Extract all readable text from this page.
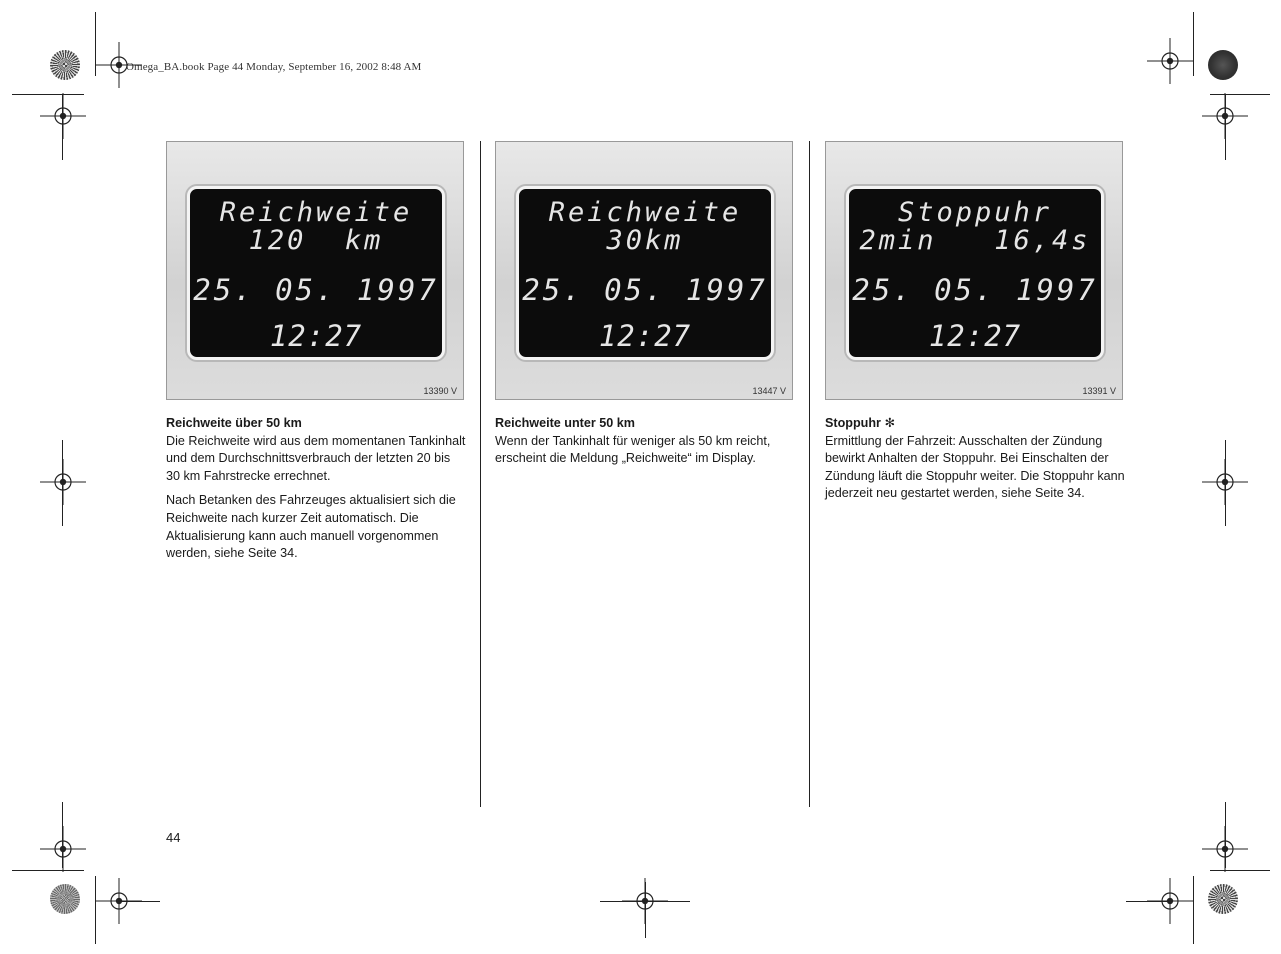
Omega_BA.book Page 44 Monday, September 16, 2002 8:48 AM
Reichweite
120  km
25. 05. 1997
12:27
13390 V
Reichweite
30km
25. 05. 1997
12:27
13447 V
Stoppuhr
2min   16,4s
25. 05. 1997
12:27
13391 V
Reichweite über 50 km

Die Reichweite wird aus dem momentanen Tankinhalt und dem Durchschnittsverbrauch der letzten 20 bis 30 km Fahrstrecke errechnet.

Nach Betanken des Fahrzeuges aktualisiert sich die Reichweite nach kurzer Zeit automatisch. Die Aktualisierung kann auch manuell vorgenommen werden, siehe Seite 34.

Reichweite unter 50 km

Wenn der Tankinhalt für weniger als 50 km reicht, erscheint die Meldung „Reichweite“ im Display.

Stoppuhr ✻

Ermittlung der Fahrzeit: Ausschalten der Zündung bewirkt Anhalten der Stoppuhr. Bei Einschalten der Zündung läuft die Stoppuhr weiter. Die Stoppuhr kann jederzeit neu gestartet werden, siehe Seite 34.

44
